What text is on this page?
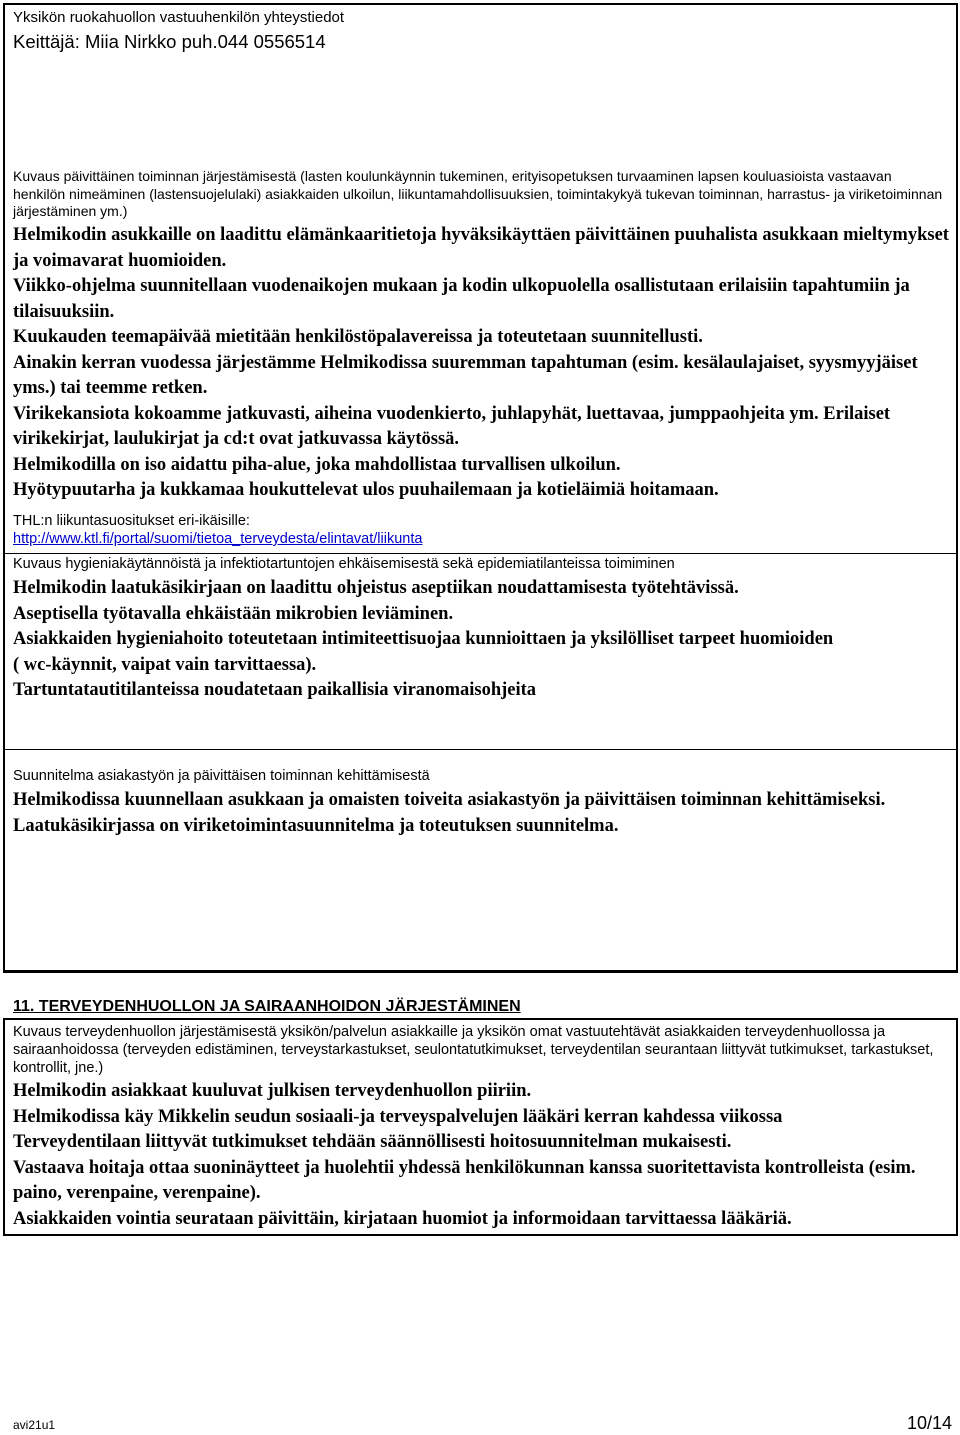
Yksikön ruokahuollon vastuuhenkilön yhteystiedot
Keittäjä: Miia Nirkko puh.044 0556514
Kuvaus päivittäinen toiminnan järjestämisestä (lasten koulunkäynnin tukeminen, erityisopetuksen turvaaminen lapsen kouluasioista vastaavan henkilön nimeäminen (lastensuojelulaki) asiakkaiden ulkoilun, liikuntamahdollisuuksien, toimintakykyä tukevan toiminnan, harrastus- ja viriketoiminnan järjestäminen ym.)

Helmikodin asukkaille on laadittu elämänkaaritietoja hyväksikäyttäen päivittäinen puuhalista asukkaan mieltymykset ja voimavarat huomioiden.

Viikko-ohjelma suunnitellaan vuodenaikojen mukaan ja kodin ulkopuolella osallistutaan erilaisiin tapahtumiin ja tilaisuuksiin.

Kuukauden teemapäivää mietitään henkilöstöpalavereissa ja toteutetaan suunnitellusti.

Ainakin kerran vuodessa järjestämme Helmikodissa suuremman tapahtuman (esim. kesälaulajaiset, syysmyyjäiset yms.) tai teemme retken.

Virikekansiota kokoamme jatkuvasti, aiheina vuodenkierto, juhlapyhät, luettavaa, jumppaohjeita ym. Erilaiset virikekirjat, laulukirjat ja cd:t ovat jatkuvassa käytössä.

Helmikodilla on iso aidattu piha-alue, joka mahdollistaa turvallisen ulkoilun.

Hyötypuutarha ja kukkamaa houkuttelevat ulos puuhailemaan ja kotieläimiä hoitamaan.

THL:n liikuntasuositukset eri-ikäisille:
http://www.ktl.fi/portal/suomi/tietoa_terveydesta/elintavat/liikunta
Kuvaus hygieniakäytännöistä ja infektiotartuntojen ehkäisemisestä sekä epidemiatilanteissa toimiminen

Helmikodin laatukäsikirjaan on laadittu ohjeistus aseptiikan noudattamisesta työtehtävissä.

Aseptisella työtavalla ehkäistään mikrobien leviäminen.

Asiakkaiden hygieniahoito toteutetaan intimiteettisuojaa kunnioittaen ja yksilölliset tarpeet huomioiden

( wc-käynnit, vaipat vain tarvittaessa).

Tartuntatautitilanteissa noudatetaan paikallisia viranomaisohjeita

Suunnitelma asiakastyön ja päivittäisen toiminnan kehittämisestä

Helmikodissa kuunnellaan asukkaan ja omaisten toiveita asiakastyön ja päivittäisen toiminnan kehittämiseksi.

Laatukäsikirjassa on viriketoimintasuunnitelma ja toteutuksen suunnitelma.

11. TERVEYDENHUOLLON JA SAIRAANHOIDON JÄRJESTÄMINEN
Kuvaus terveydenhuollon järjestämisestä yksikön/palvelun asiakkaille ja yksikön omat vastuutehtävät asiakkaiden terveydenhuollossa ja sairaanhoidossa (terveyden edistäminen, terveystarkastukset, seulontatutkimukset, terveydentilan seurantaan liittyvät tutkimukset, tarkastukset, kontrollit, jne.)

Helmikodin asiakkaat kuuluvat julkisen terveydenhuollon piiriin.

Helmikodissa käy Mikkelin seudun sosiaali-ja terveyspalvelujen lääkäri kerran kahdessa viikossa

Terveydentilaan liittyvät tutkimukset tehdään säännöllisesti hoitosuunnitelman mukaisesti.

Vastaava hoitaja ottaa suoninäytteet ja huolehtii yhdessä henkilökunnan kanssa suoritettavista kontrolleista (esim. paino, verenpaine, verenpaine).

Asiakkaiden vointia seurataan päivittäin, kirjataan huomiot ja informoidaan tarvittaessa lääkäriä.

avi21u1	10/14
